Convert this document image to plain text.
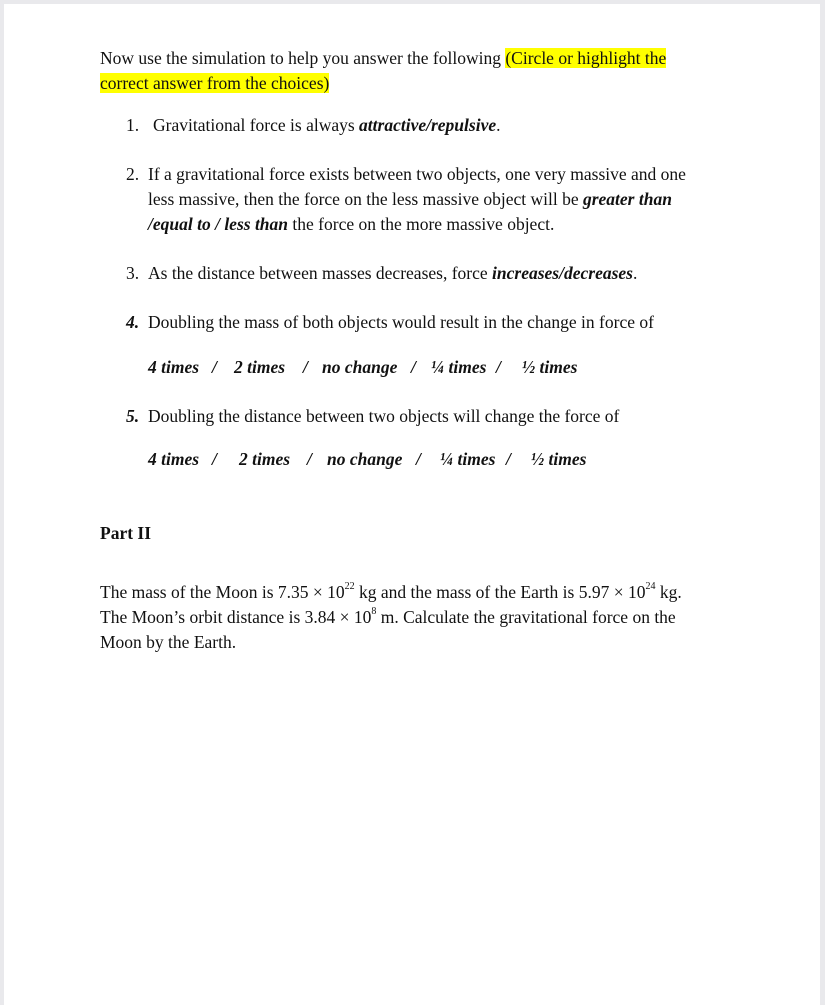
Now use the simulation to help you answer the following (Circle or highlight the
correct answer from the choices)
1. Gravitational force is always attractive/repulsive.
2. If a gravitational force exists between two objects, one very massive and one
less massive, then the force on the less massive object will be greater than
/equal to / less than the force on the more massive object.
3. As the distance between masses decreases, force increases/decreases.
4. Doubling the mass of both objects would result in the change in force of
4 times / 2 times / no change / ¼ times / ½ times
5. Doubling the distance between two objects will change the force of
4 times / 2 times / no change / ¼ times / ½ times
Part II
The mass of the Moon is $7.35 \times 10^{22}$ kg and the mass of the Earth is $5.97 \times 10^{24}$ kg.
The Moon’s orbit distance is $3.84 \times 10^8$ m. Calculate the gravitational force on the
Moon by the Earth.
